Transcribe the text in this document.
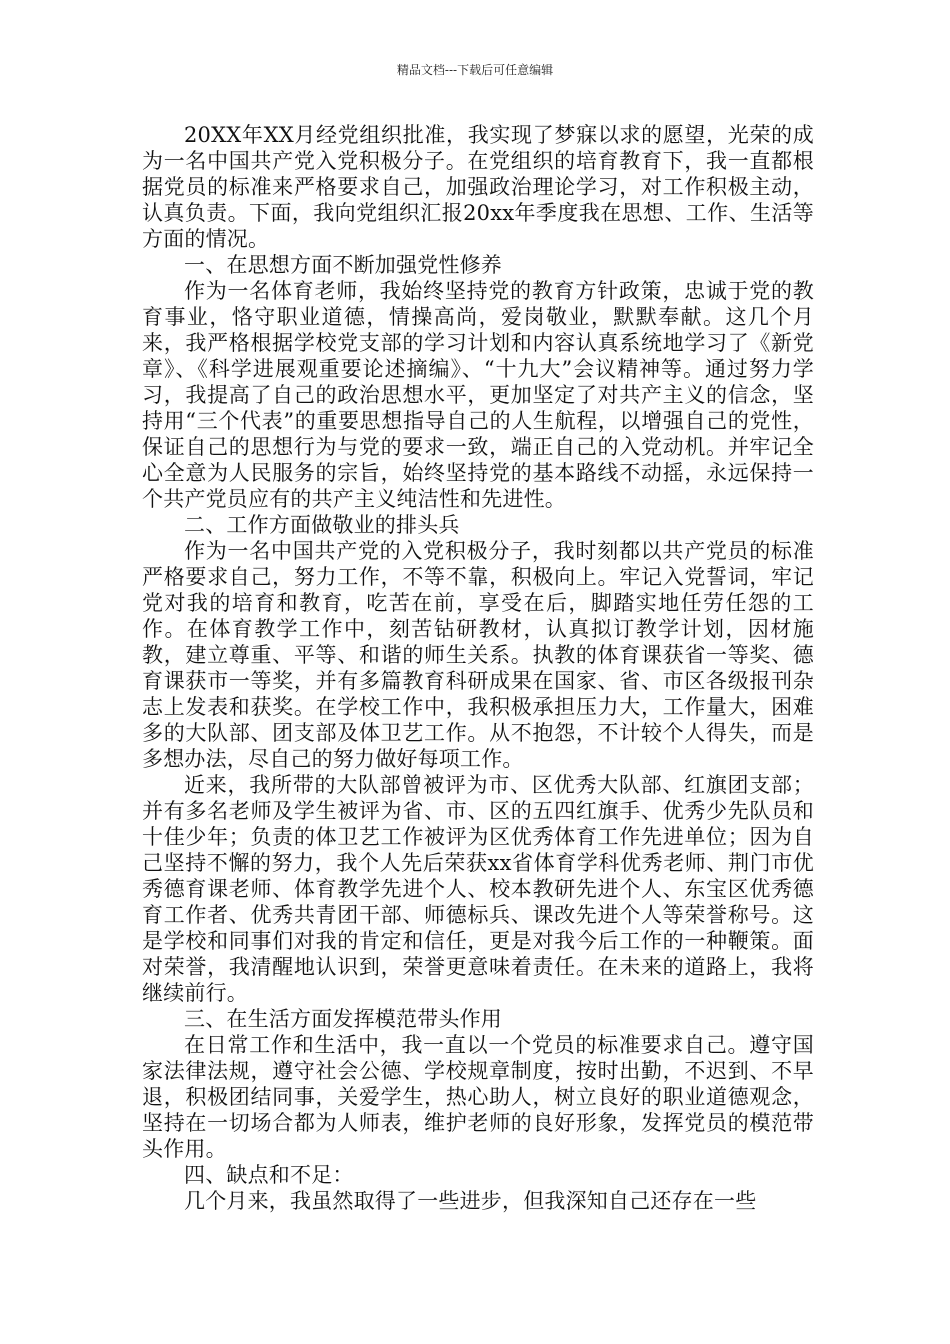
精品文档---下载后可任意编辑

20XX年XX月经党组织批准，我实现了梦寐以求的愿望，光荣的成为一名中国共产党入党积极分子。在党组织的培育教育下，我一直都根据党员的标准来严格要求自己，加强政治理论学习，对工作积极主动，认真负责。下面，我向党组织汇报20xx年季度我在思想、工作、生活等方面的情况。

一、在思想方面不断加强党性修养

作为一名体育老师，我始终坚持党的教育方针政策，忠诚于党的教育事业，恪守职业道德，情操高尚，爱岗敬业，默默奉献。这几个月来，我严格根据学校党支部的学习计划和内容认真系统地学习了《新党章》、《科学进展观重要论述摘编》、“十九大”会议精神等。通过努力学习，我提高了自己的政治思想水平，更加坚定了对共产主义的信念，坚持用“三个代表”的重要思想指导自己的人生航程，以增强自己的党性，保证自己的思想行为与党的要求一致，端正自己的入党动机。并牢记全心全意为人民服务的宗旨，始终坚持党的基本路线不动摇，永远保持一个共产党员应有的共产主义纯洁性和先进性。

二、工作方面做敬业的排头兵

作为一名中国共产党的入党积极分子，我时刻都以共产党员的标准严格要求自己，努力工作，不等不靠，积极向上。牢记入党誓词，牢记党对我的培育和教育，吃苦在前，享受在后，脚踏实地任劳任怨的工作。在体育教学工作中，刻苦钻研教材，认真拟订教学计划，因材施教，建立尊重、平等、和谐的师生关系。执教的体育课获省一等奖、德育课获市一等奖，并有多篇教育科研成果在国家、省、市区各级报刊杂志上发表和获奖。在学校工作中，我积极承担压力大，工作量大，困难多的大队部、团支部及体卫艺工作。从不抱怨，不计较个人得失，而是多想办法，尽自己的努力做好每项工作。

近来，我所带的大队部曾被评为市、区优秀大队部、红旗团支部；并有多名老师及学生被评为省、市、区的五四红旗手、优秀少先队员和十佳少年；负责的体卫艺工作被评为区优秀体育工作先进单位；因为自己坚持不懈的努力，我个人先后荣获xx省体育学科优秀老师、荆门市优秀德育课老师、体育教学先进个人、校本教研先进个人、东宝区优秀德育工作者、优秀共青团干部、师德标兵、课改先进个人等荣誉称号。这是学校和同事们对我的肯定和信任，更是对我今后工作的一种鞭策。面对荣誉，我清醒地认识到，荣誉更意味着责任。在未来的道路上，我将继续前行。

三、在生活方面发挥模范带头作用

在日常工作和生活中，我一直以一个党员的标准要求自己。遵守国家法律法规，遵守社会公德、学校规章制度，按时出勤，不迟到、不早退，积极团结同事，关爱学生，热心助人，树立良好的职业道德观念，坚持在一切场合都为人师表，维护老师的良好形象，发挥党员的模范带头作用。

四、缺点和不足：

几个月来，我虽然取得了一些进步，但我深知自己还存在一些
